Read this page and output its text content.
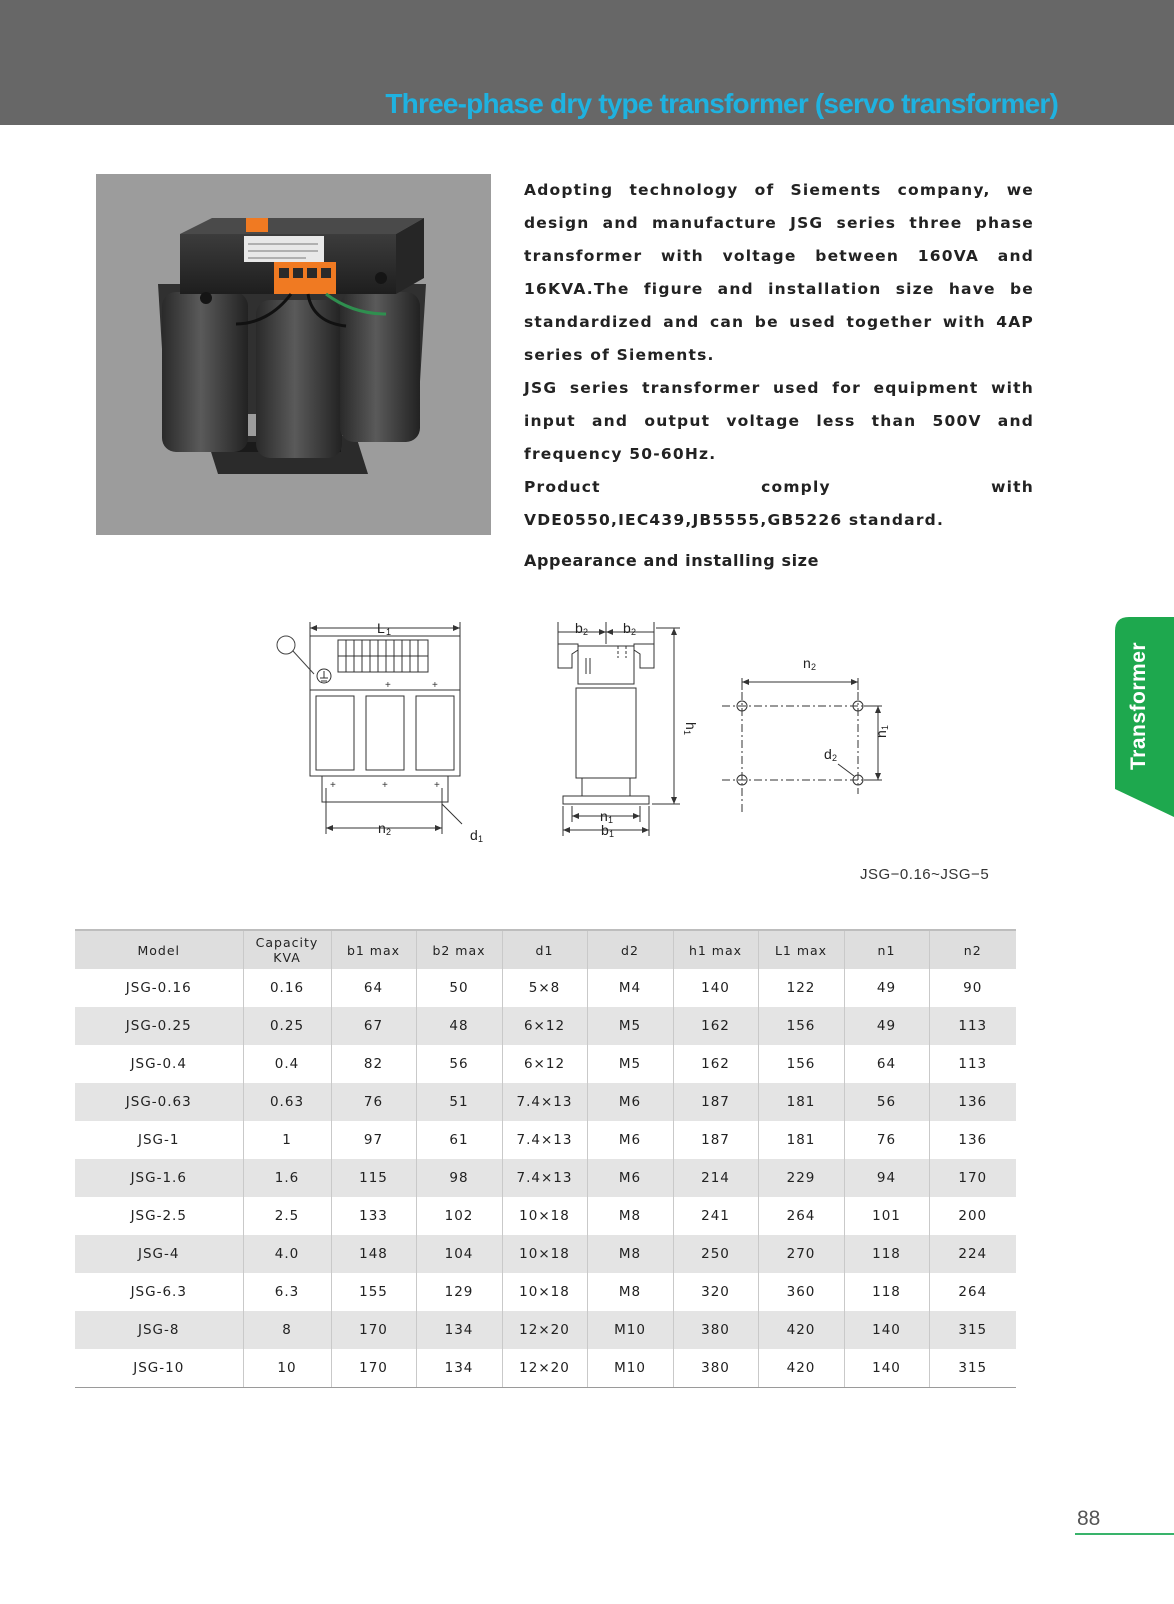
Three-phase dry type transformer (servo transformer)

Adopting technology of Siements company, we design and manufacture JSG series three phase transformer with voltage between 160VA and 16KVA.The figure and installation size have be standardized and can be used together with 4AP series of Siements.

JSG series transformer used for equipment with input and output voltage less than 500V and frequency 50-60Hz.

Product comply with VDE0550,IEC439,JB5555,GB5226 standard.

Appearance and installing size
L 1
+	+
+	+	+
n 2	d 1
b 2 b 2
h
1
n 1
b 1
n 2
n
1
d 2
JSG−0.16~JSG−5
Transformer
Model	Capacity
KVA	b1 max	b2 max	d1	d2	h1 max	L1 max	n1	n2
JSG-0.16	0.16	64	50	5×8	M4	140	122	49	90
JSG-0.25	0.25	67	48	6×12	M5	162	156	49	113
JSG-0.4	0.4	82	56	6×12	M5	162	156	64	113
JSG-0.63	0.63	76	51	7.4×13	M6	187	181	56	136
JSG-1	1	97	61	7.4×13	M6	187	181	76	136
JSG-1.6	1.6	115	98	7.4×13	M6	214	229	94	170
JSG-2.5	2.5	133	102	10×18	M8	241	264	101	200
JSG-4	4.0	148	104	10×18	M8	250	270	118	224
JSG-6.3	6.3	155	129	10×18	M8	320	360	118	264
JSG-8	8	170	134	12×20	M10	380	420	140	315
JSG-10	10	170	134	12×20	M10	380	420	140	315
88
